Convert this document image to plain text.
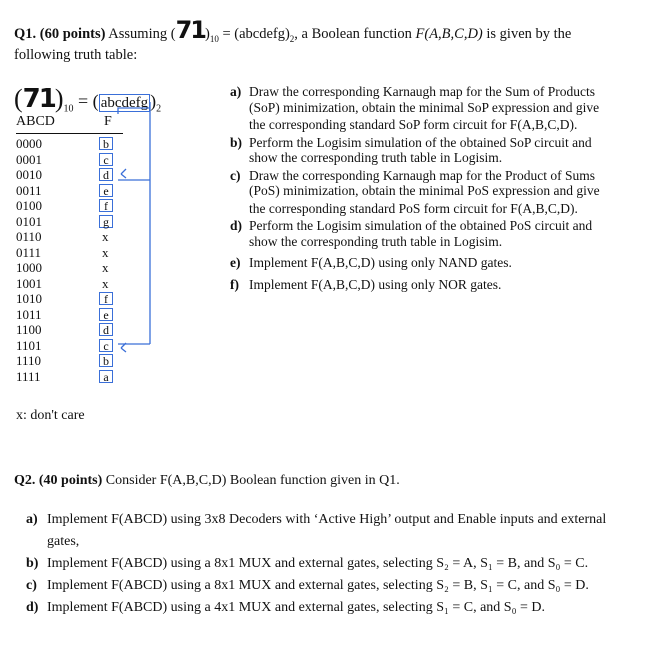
Q1. (60 points) Assuming $(71)_{10}$ = $(abcdefg)_2$, a Boolean function F(A,B,C,D) is given by the
following truth table:
$(71)_{10}$ = ( abcdefg )$_2$
ABCD	F
0000	b
0001	c
0010	d
0011	e
0100	f
0101	g
0110	x
0111	x
1000	x
1001	x
1010	f
1011	e
1100	d
1101	c
1110	b
1111	a
x: don't care
a) Draw the corresponding Karnaugh map for the Sum of Products
(SoP) minimization, obtain the minimal SoP expression and give
the corresponding standard SoP form circuit for F(A,B,C,D).
b) Perform the Logisim simulation of the obtained SoP circuit and
show the corresponding truth table in Logisim.
c) Draw the corresponding Karnaugh map for the Product of Sums
(PoS) minimization, obtain the minimal PoS expression and give
the corresponding standard PoS form circuit for F(A,B,C,D).
d) Perform the Logisim simulation of the obtained PoS circuit and
show the corresponding truth table in Logisim.
e) Implement F(A,B,C,D) using only NAND gates.
f) Implement F(A,B,C,D) using only NOR gates.
Q2. (40 points) Consider F(A,B,C,D) Boolean function given in Q1.
a) Implement F(ABCD) using 3x8 Decoders with ‘Active High’ output and Enable inputs and external
gates,
b) Implement F(ABCD) using a 8x1 MUX and external gates, selecting S₂ = A, S₁ = B, and S₀ = C.
c) Implement F(ABCD) using a 8x1 MUX and external gates, selecting S₂ = B, S₁ = C, and S₀ = D.
d) Implement F(ABCD) using a 4x1 MUX and external gates, selecting S₁ = C, and S₀ = D.
